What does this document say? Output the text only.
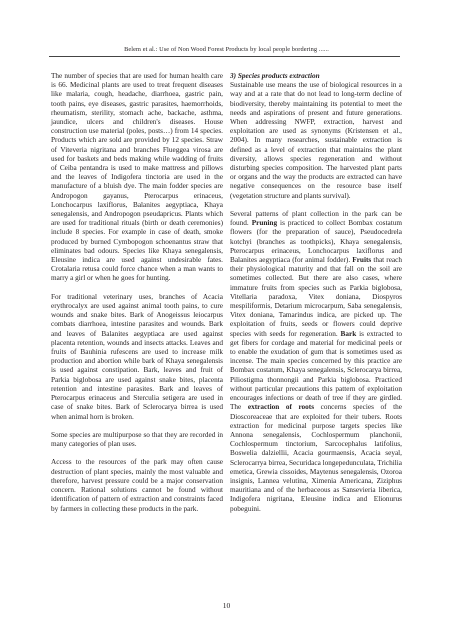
Belem et al.: Use of Non Wood Forest Products by local people bordering ......

The number of species that are used for human health care is 66. Medicinal plants are used to treat frequent diseases like malaria, cough, headache, diarrhoea, gastric pain, tooth pains, eye diseases, gastric parasites, haemorrhoids, rheumatism, sterility, stomach ache, backache, asthma, jaundice, ulcers and children's diseases. House construction use material (poles, posts…) from 14 species. Products which are sold are provided by 12 species. Straw of Viteveria nigritana and branches Flueggea virosa are used for baskets and beds making while wadding of fruits of Ceiba pentandra is used to make mattress and pillows and the leaves of Indigofera tinctoria are used in the manufacture of a bluish dye. The main fodder species are Andropogon gayanus, Pterocarpus erinaceus, Lonchocarpus laxiflorus, Balanites aegyptiaca, Khaya senegalensis, and Andropogon pseudapricus. Plants which are used for traditional rituals (birth or death ceremonies) include 8 species. For example in case of death, smoke produced by burned Cymbopogon schoenantus straw that eliminates bad odours. Species like Khaya senegalensis, Eleusine indica are used against undesirable fates. Crotalaria retusa could force chance when a man wants to marry a girl or when he goes for hunting.

For traditional veterinary uses, branches of Acacia erythrocalyx are used against animal tooth pains, to cure wounds and snake bites. Bark of Anogeissus leiocarpus combats diarrhoea, intestine parasites and wounds. Bark and leaves of Balanites aegyptiaca are used against placenta retention, wounds and insects attacks. Leaves and fruits of Bauhinia rufescens are used to increase milk production and abortion while bark of Khaya senegalensis is used against constipation. Bark, leaves and fruit of Parkia biglobosa are used against snake bites, placenta retention and intestine parasites. Bark and leaves of Pterocarpus erinaceus and Sterculia setigera are used in case of snake bites. Bark of Sclerocarya birrea is used when animal horn is broken.

Some species are multipurpose so that they are recorded in many categories of plan uses.

Access to the resources of the park may often cause destruction of plant species, mainly the most valuable and therefore, harvest pressure could be a major conservation concern. Rational solutions cannot be found without identification of pattern of extraction and constraints faced by farmers in collecting these products in the park.

3) Species products extraction

Sustainable use means the use of biological resources in a way and at a rate that do not lead to long-term decline of biodiversity, thereby maintaining its potential to meet the needs and aspirations of present and future generations. When addressing NWFP, extraction, harvest and exploitation are used as synonyms (Kristensen et al., 2004). In many researches, sustainable extraction is defined as a level of extraction that maintains the plant diversity, allows species regeneration and without disturbing species composition. The harvested plant parts or organs and the way the products are extracted can have negative consequences on the resource base itself (vegetation structure and plants survival).

Several patterns of plant collection in the park can be found. Pruning is practiced to collect Bombax costatum flowers (for the preparation of sauce), Pseudocedrela kotchyi (branches as toothpicks), Khaya senegalensis, Pterocarpus erinaceus, Lonchocarpus laxiflorus and Balanites aegyptiaca (for animal fodder). Fruits that reach their physiological maturity and that fall on the soil are sometimes collected. But there are also cases, where immature fruits from species such as Parkia biglobosa, Vitellaria paradoxa, Vitex doniana, Diospyros mespiliformis, Detarium microcarpum, Saba senegalensis, Vitex doniana, Tamarindus indica, are picked up. The exploitation of fruits, seeds or flowers could deprive species with seeds for regeneration. Bark is extracted to get fibers for cordage and material for medicinal peels or to enable the exudation of gum that is sometimes used as incense. The main species concerned by this practice are Bombax costatum, Khaya senegalensis, Sclerocarya birrea, Piliostigma thonnongii and Parkia biglobosa. Practiced without particular precautions this pattern of exploitation encourages infections or death of tree if they are girdled. The extraction of roots concerns species of the Dioscoreaceae that are exploited for their tubers. Roots extraction for medicinal purpose targets species like Annona senegalensis, Cochlospermum planchonii, Cochlospermum tinctorium, Sarcocephalus latifolius, Boswelia dalziellii, Acacia gourmaensis, Acacia seyal, Sclerocarrya birrea, Securidaca longepedunculata, Trichilia emetica, Grewia cissoides, Maytenus senegalensis, Ozoroa insignis, Lannea velutina, Ximenia Americana, Ziziphus mauritiana and of the herbaceous as Sansevieria liberica, Indigofera nigritana, Eleusine indica and Elionurus pobeguini.

10
